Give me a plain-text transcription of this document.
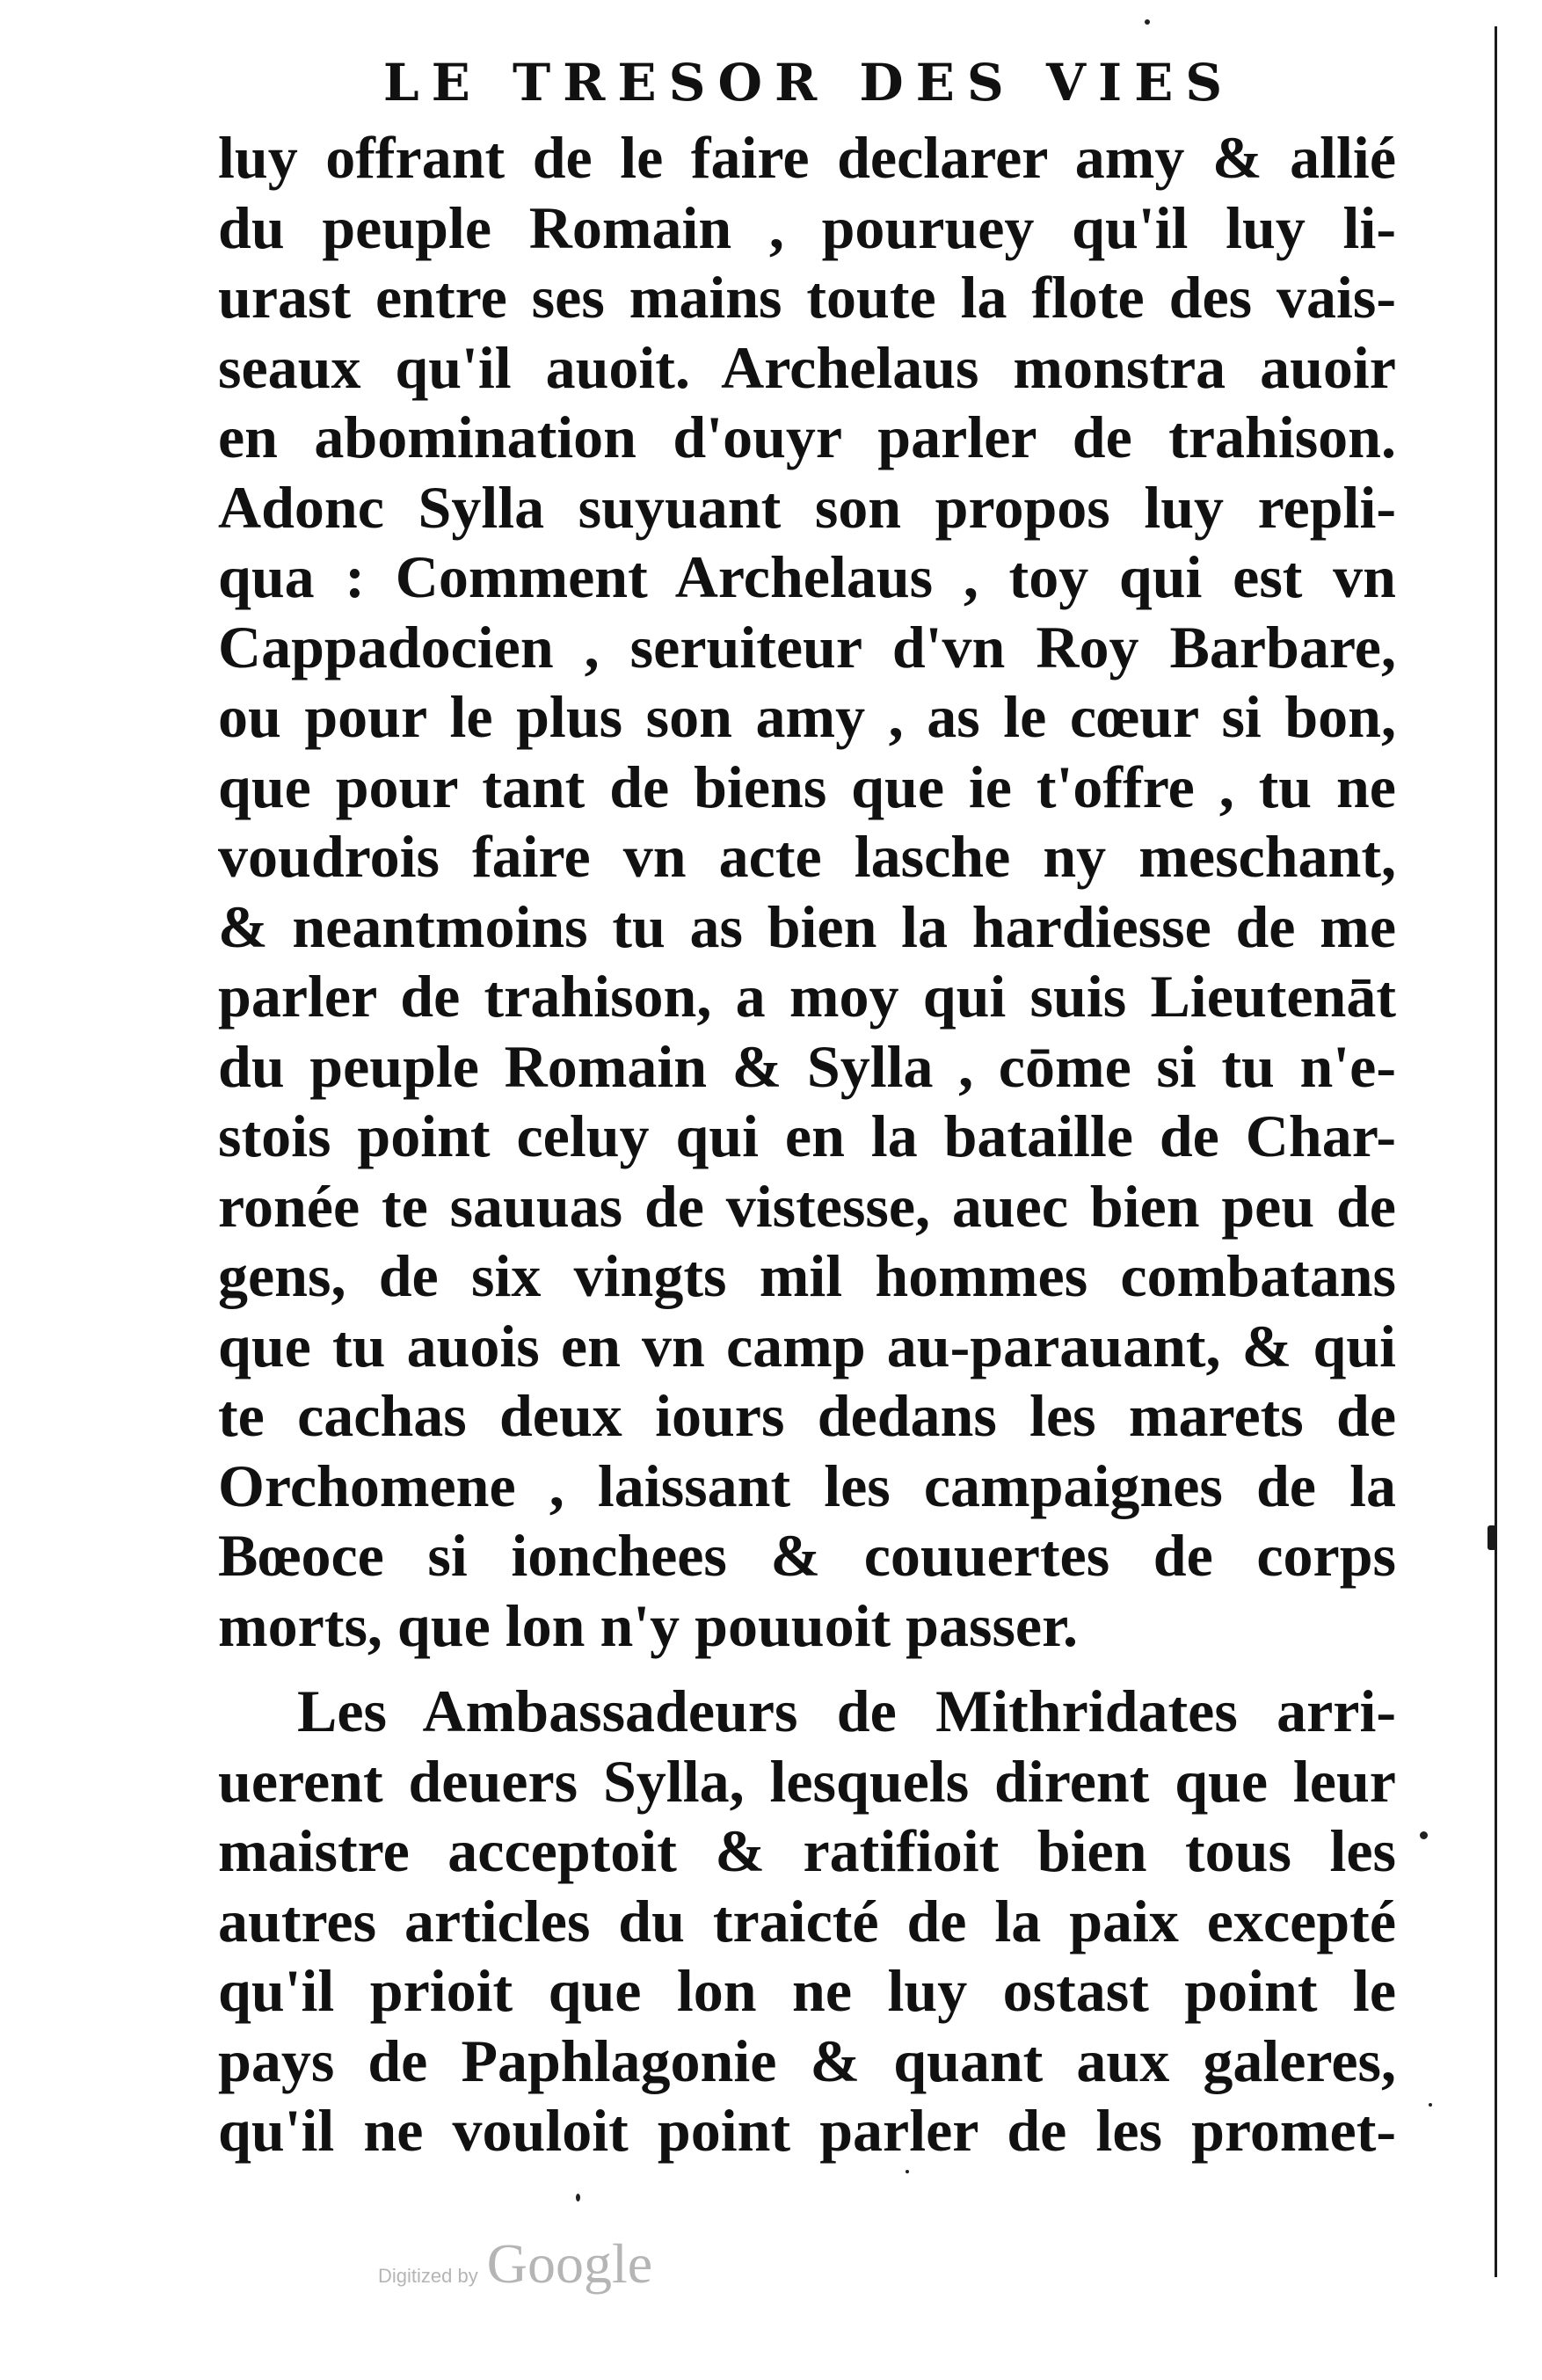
LE TRESOR DES VIES
luy offrant de le faire declarer amy & allié
du peuple Romain , pouruey qu'il luy li-
urast entre ses mains toute la flote des vais-
seaux qu'il auoit. Archelaus monstra auoir
en abomination d'ouyr parler de trahison.
Adonc Sylla suyuant son propos luy repli-
qua : Comment Archelaus , toy qui est vn
Cappadocien , seruiteur d'vn Roy Barbare,
ou pour le plus son amy , as le cœur si bon,
que pour tant de biens que ie t'offre , tu ne
voudrois faire vn acte lasche ny meschant,
& neantmoins tu as bien la hardiesse de me
parler de trahison, a moy qui suis Lieutenāt
du peuple Romain & Sylla , cōme si tu n'e-
stois point celuy qui en la bataille de Char-
ronée te sauuas de vistesse, auec bien peu de
gens, de six vingts mil hommes combatans
que tu auois en vn camp au-parauant, & qui
te cachas deux iours dedans les marets de
Orchomene , laissant les campaignes de la
Bœoce si ionchees & couuertes de corps
morts, que lon n'y pouuoit passer.
Les Ambassadeurs de Mithridates arri-
uerent deuers Sylla, lesquels dirent que leur
maistre acceptoit & ratifioit bien tous les
autres articles du traicté de la paix excepté
qu'il prioit que lon ne luy ostast point le
pays de Paphlagonie & quant aux galeres,
qu'il ne vouloit point parler de les promet-
Digitized by Google
